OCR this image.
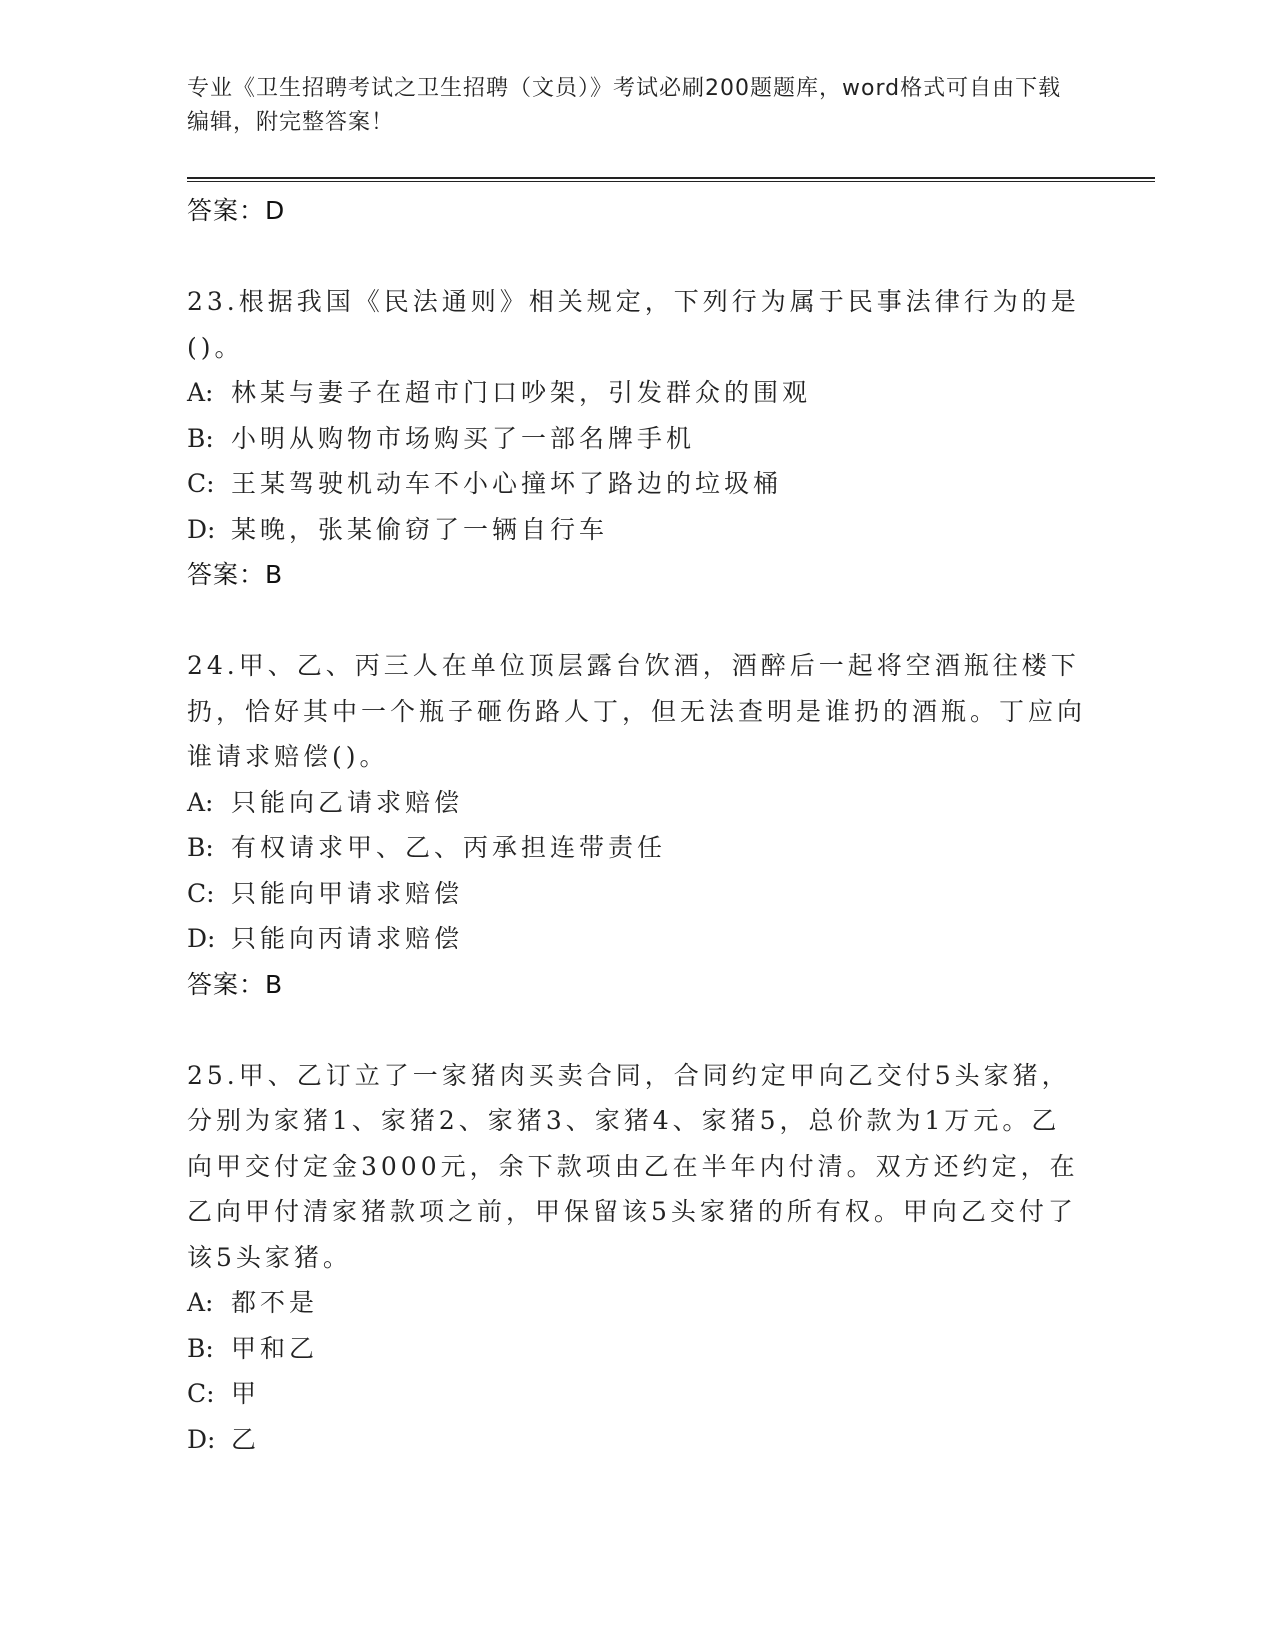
专业《卫生招聘考试之卫生招聘（文员）》考试必刷200题题库，word格式可自由下载编辑，附完整答案！
答案：D
23.根据我国《民法通则》相关规定，下列行为属于民事法律行为的是()。
A: 林某与妻子在超市门口吵架，引发群众的围观
B: 小明从购物市场购买了一部名牌手机
C: 王某驾驶机动车不小心撞坏了路边的垃圾桶
D: 某晚，张某偷窃了一辆自行车
答案：B
24.甲、乙、丙三人在单位顶层露台饮酒，酒醉后一起将空酒瓶往楼下扔，恰好其中一个瓶子砸伤路人丁，但无法查明是谁扔的酒瓶。丁应向谁请求赔偿()。
A: 只能向乙请求赔偿
B: 有权请求甲、乙、丙承担连带责任
C: 只能向甲请求赔偿
D: 只能向丙请求赔偿
答案：B
25.甲、乙订立了一家猪肉买卖合同，合同约定甲向乙交付5头家猪，分别为家猪1、家猪2、家猪3、家猪4、家猪5，总价款为1万元。乙向甲交付定金3000元，余下款项由乙在半年内付清。双方还约定，在乙向甲付清家猪款项之前，甲保留该5头家猪的所有权。甲向乙交付了该5头家猪。
A: 都不是
B: 甲和乙
C: 甲
D: 乙
